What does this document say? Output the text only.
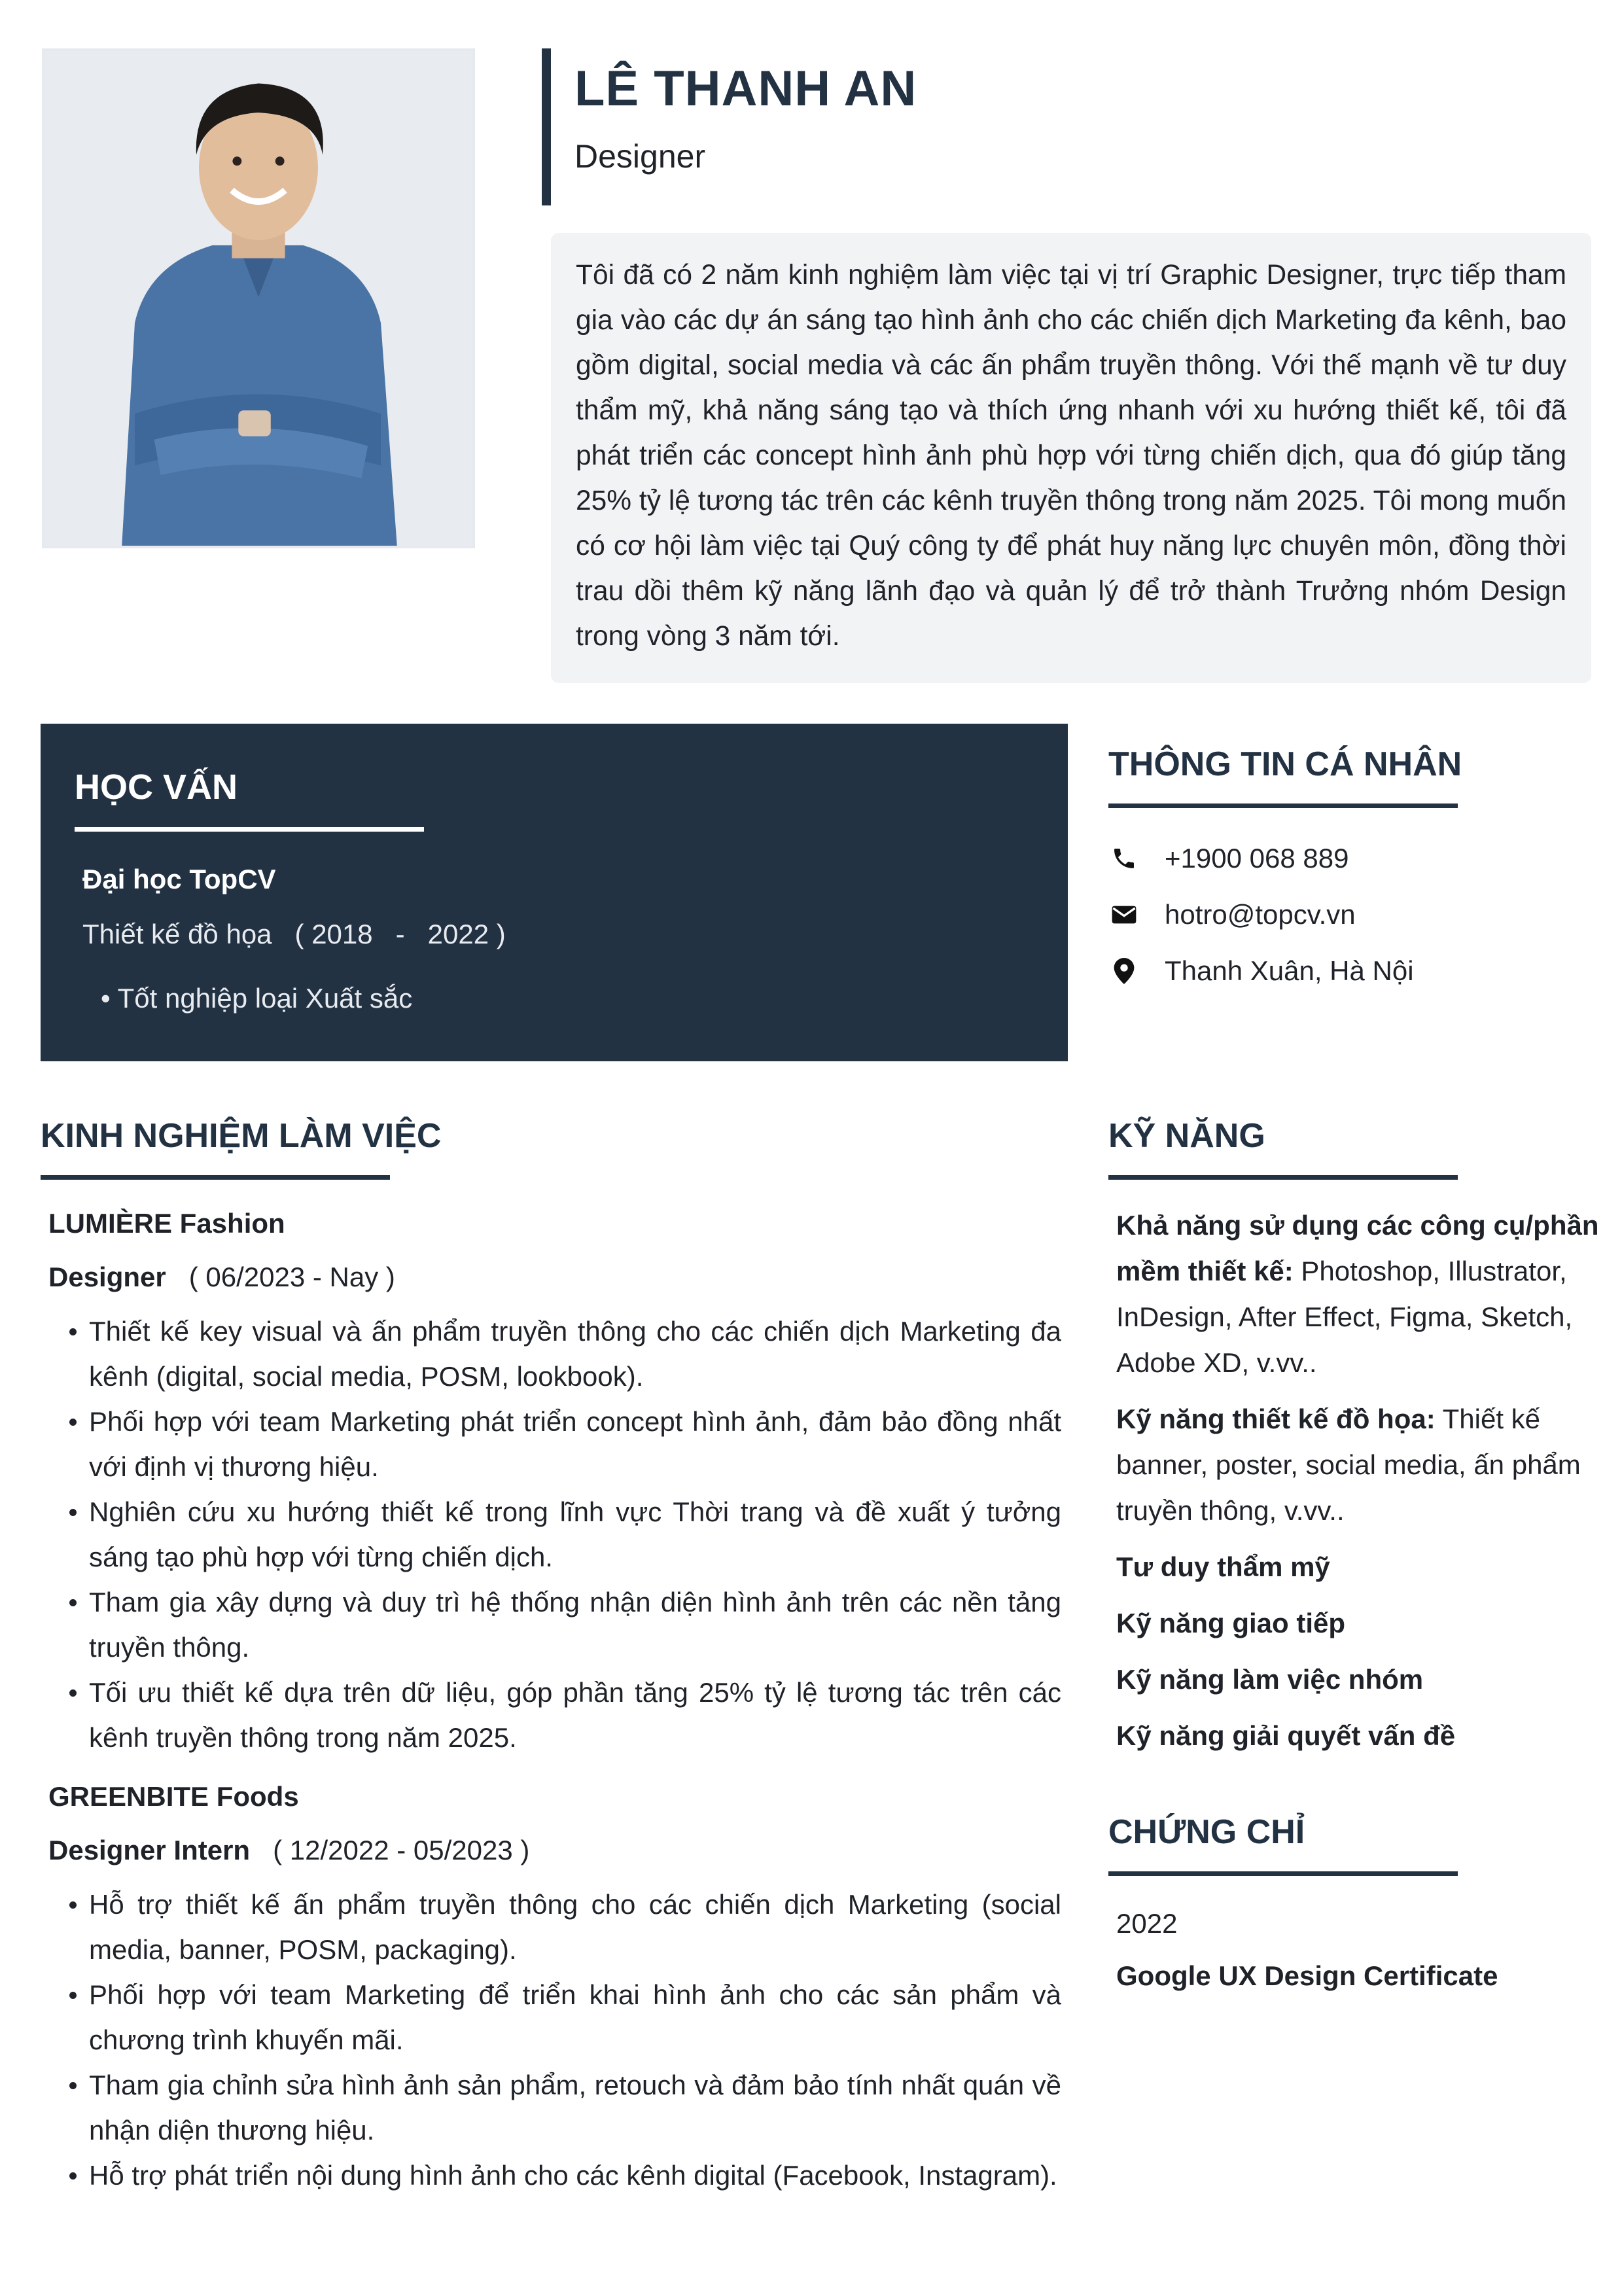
LÊ THANH AN
Designer

Tôi đã có 2 năm kinh nghiệm làm việc tại vị trí Graphic Designer, trực tiếp tham gia vào các dự án sáng tạo hình ảnh cho các chiến dịch Marketing đa kênh, bao gồm digital, social media và các ấn phẩm truyền thông. Với thế mạnh về tư duy thẩm mỹ, khả năng sáng tạo và thích ứng nhanh với xu hướng thiết kế, tôi đã phát triển các concept hình ảnh phù hợp với từng chiến dịch, qua đó giúp tăng 25% tỷ lệ tương tác trên các kênh truyền thông trong năm 2025. Tôi mong muốn có cơ hội làm việc tại Quý công ty để phát huy năng lực chuyên môn, đồng thời trau dồi thêm kỹ năng lãnh đạo và quản lý để trở thành Trưởng nhóm Design trong vòng 3 năm tới.

HỌC VẤN
Đại học TopCV
Thiết kế đồ họa   ( 2018   -   2022 )
• Tốt nghiệp loại Xuất sắc
THÔNG TIN CÁ NHÂN
+1900 068 889
hotro@topcv.vn
Thanh Xuân, Hà Nội
KINH NGHIỆM LÀM VIỆC
LUMIÈRE Fashion
Designer   ( 06/2023 - Nay )
Thiết kế key visual và ấn phẩm truyền thông cho các chiến dịch Marketing đa kênh (digital, social media, POSM, lookbook).
Phối hợp với team Marketing phát triển concept hình ảnh, đảm bảo đồng nhất với định vị thương hiệu.
Nghiên cứu xu hướng thiết kế trong lĩnh vực Thời trang và đề xuất ý tưởng sáng tạo phù hợp với từng chiến dịch.
Tham gia xây dựng và duy trì hệ thống nhận diện hình ảnh trên các nền tảng truyền thông.
Tối ưu thiết kế dựa trên dữ liệu, góp phần tăng 25% tỷ lệ tương tác trên các kênh truyền thông trong năm 2025.
GREENBITE Foods
Designer Intern   ( 12/2022 - 05/2023 )
Hỗ trợ thiết kế ấn phẩm truyền thông cho các chiến dịch Marketing (social media, banner, POSM, packaging).
Phối hợp với team Marketing để triển khai hình ảnh cho các sản phẩm và chương trình khuyến mãi.
Tham gia chỉnh sửa hình ảnh sản phẩm, retouch và đảm bảo tính nhất quán về nhận diện thương hiệu.
Hỗ trợ phát triển nội dung hình ảnh cho các kênh digital (Facebook, Instagram).
KỸ NĂNG
Khả năng sử dụng các công cụ/phần mềm thiết kế: Photoshop, Illustrator, InDesign, After Effect, Figma, Sketch, Adobe XD, v.vv..
Kỹ năng thiết kế đồ họa: Thiết kế banner, poster, social media, ấn phẩm truyền thông, v.vv..
Tư duy thẩm mỹ
Kỹ năng giao tiếp
Kỹ năng làm việc nhóm
Kỹ năng giải quyết vấn đề
CHỨNG CHỈ
2022
Google UX Design Certificate
